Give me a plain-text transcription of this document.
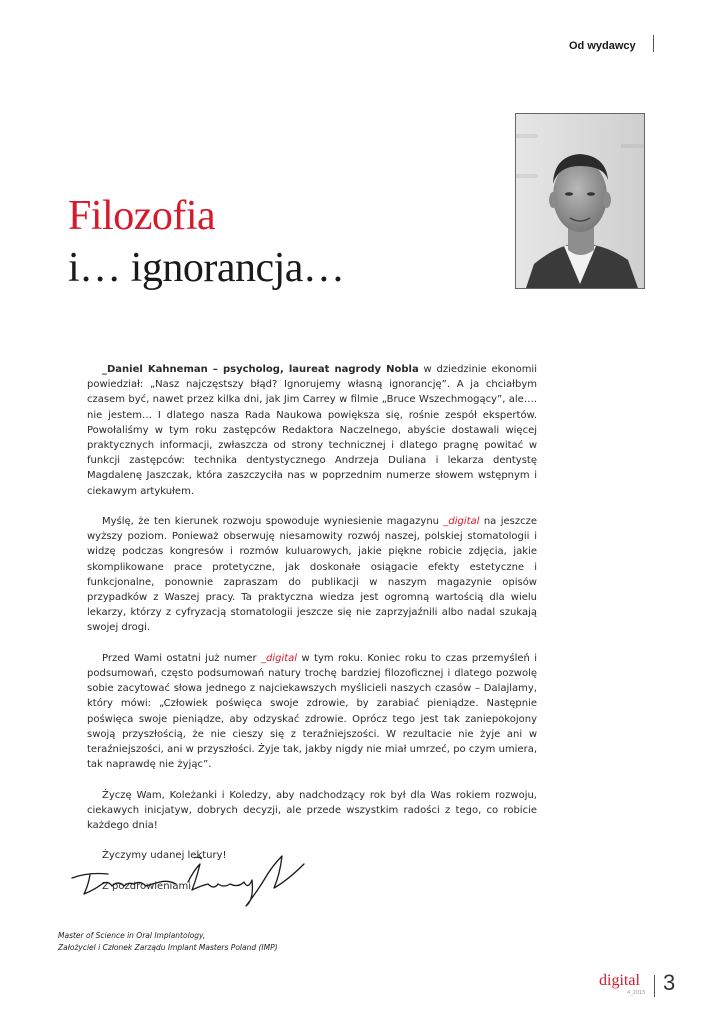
Od wydawcy
Filozofia
i… ignorancja…

_Daniel Kahneman – psycholog, laureat nagrody Nobla w dziedzinie ekonomii powiedział: „Nasz najczęstszy błąd? Ignorujemy własną ignorancję”. A ja chciałbym czasem być, nawet przez kilka dni, jak Jim Carrey w filmie „Bruce Wszechmogący”, ale…. nie jestem… I dlatego nasza Rada Naukowa powiększa się, rośnie zespół ekspertów. Powołaliśmy w tym roku zastępców Redaktora Naczelnego, abyście dostawali więcej praktycznych informacji, zwłaszcza od strony technicznej i dlatego pragnę powitać w funkcji zastępców: technika dentystycznego Andrzeja Duliana i lekarza dentystę Magdalenę Jaszczak, która zaszczyciła nas w poprzednim numerze słowem wstępnym i ciekawym artykułem.

Myślę, że ten kierunek rozwoju spowoduje wyniesienie magazynu _digital na jeszcze wyższy poziom. Ponieważ obserwuję niesamowity rozwój naszej, polskiej stomatologii i widzę podczas kongresów i rozmów kuluarowych, jakie piękne robicie zdjęcia, jakie skomplikowane prace protetyczne, jak doskonałe osiągacie efekty estetyczne i funkcjonalne, ponownie zapraszam do publikacji w naszym magazynie opisów przypadków z Waszej pracy. Ta praktyczna wiedza jest ogromną wartością dla wielu lekarzy, którzy z cyfryzacją stomatologii jeszcze się nie zaprzyjaźnili albo nadal szukają swojej drogi.

Przed Wami ostatni już numer _digital w tym roku. Koniec roku to czas przemyśleń i podsumowań, często podsumowań natury trochę bardziej filozoficznej i dlatego pozwolę sobie zacytować słowa jednego z najciekawszych myślicieli naszych czasów – Dalajlamy, który mówi: „Człowiek poświęca swoje zdrowie, by zarabiać pieniądze. Następnie poświęca swoje pieniądze, aby odzyskać zdrowie. Oprócz tego jest tak zaniepokojony swoją przyszłością, że nie cieszy się z teraźniejszości. W rezultacie nie żyje ani w teraźniejszości, ani w przyszłości. Żyje tak, jakby nigdy nie miał umrzeć, po czym umiera, tak naprawdę nie żyjąc”.

Życzę Wam, Koleżanki i Koledzy, aby nadchodzący rok był dla Was rokiem rozwoju, ciekawych inicjatyw, dobrych decyzji, ale przede wszystkim radości z tego, co robicie każdego dnia!

Życzymy udanej lektury!

Z pozdrowieniami

Master of Science in Oral Implantology,
Założyciel i Członek Zarządu Implant Masters Poland (IMP)
digital
4_2015 3
